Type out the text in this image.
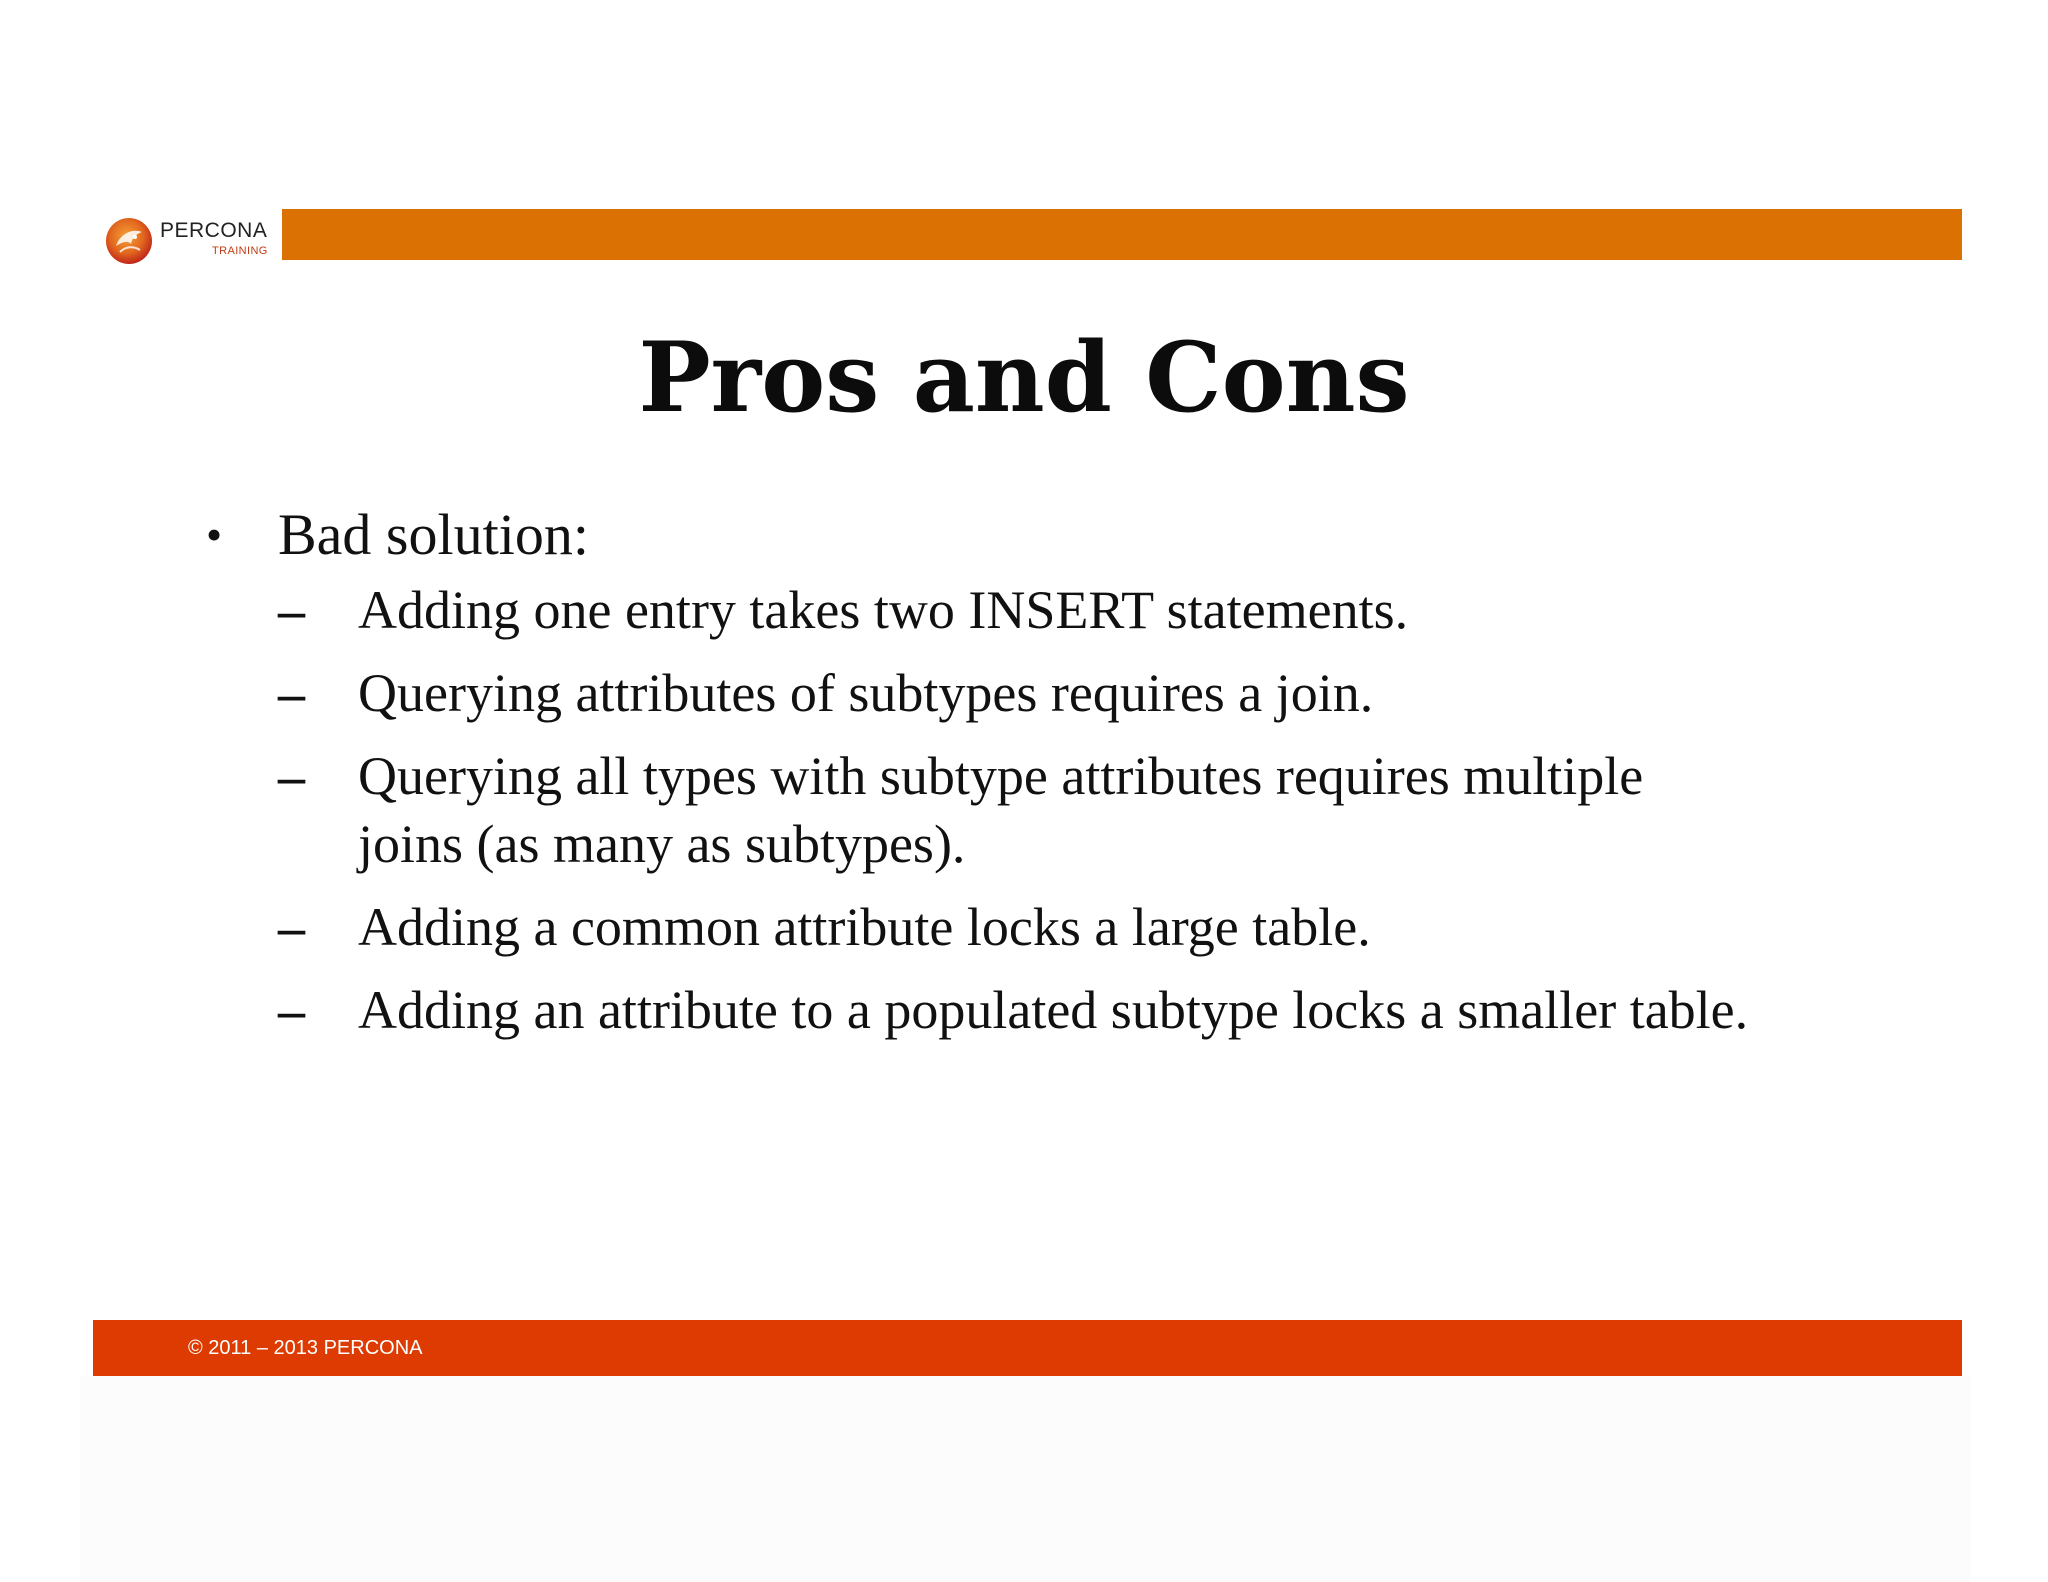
PERCONA
TRAINING
Pros and Cons
• Bad solution:
– Adding one entry takes two INSERT statements.
– Querying attributes of subtypes requires a join.
– Querying all types with subtype attributes requires multiple joins (as many as subtypes).
– Adding a common attribute locks a large table.
– Adding an attribute to a populated subtype locks a smaller table.
© 2011 – 2013 PERCONA
